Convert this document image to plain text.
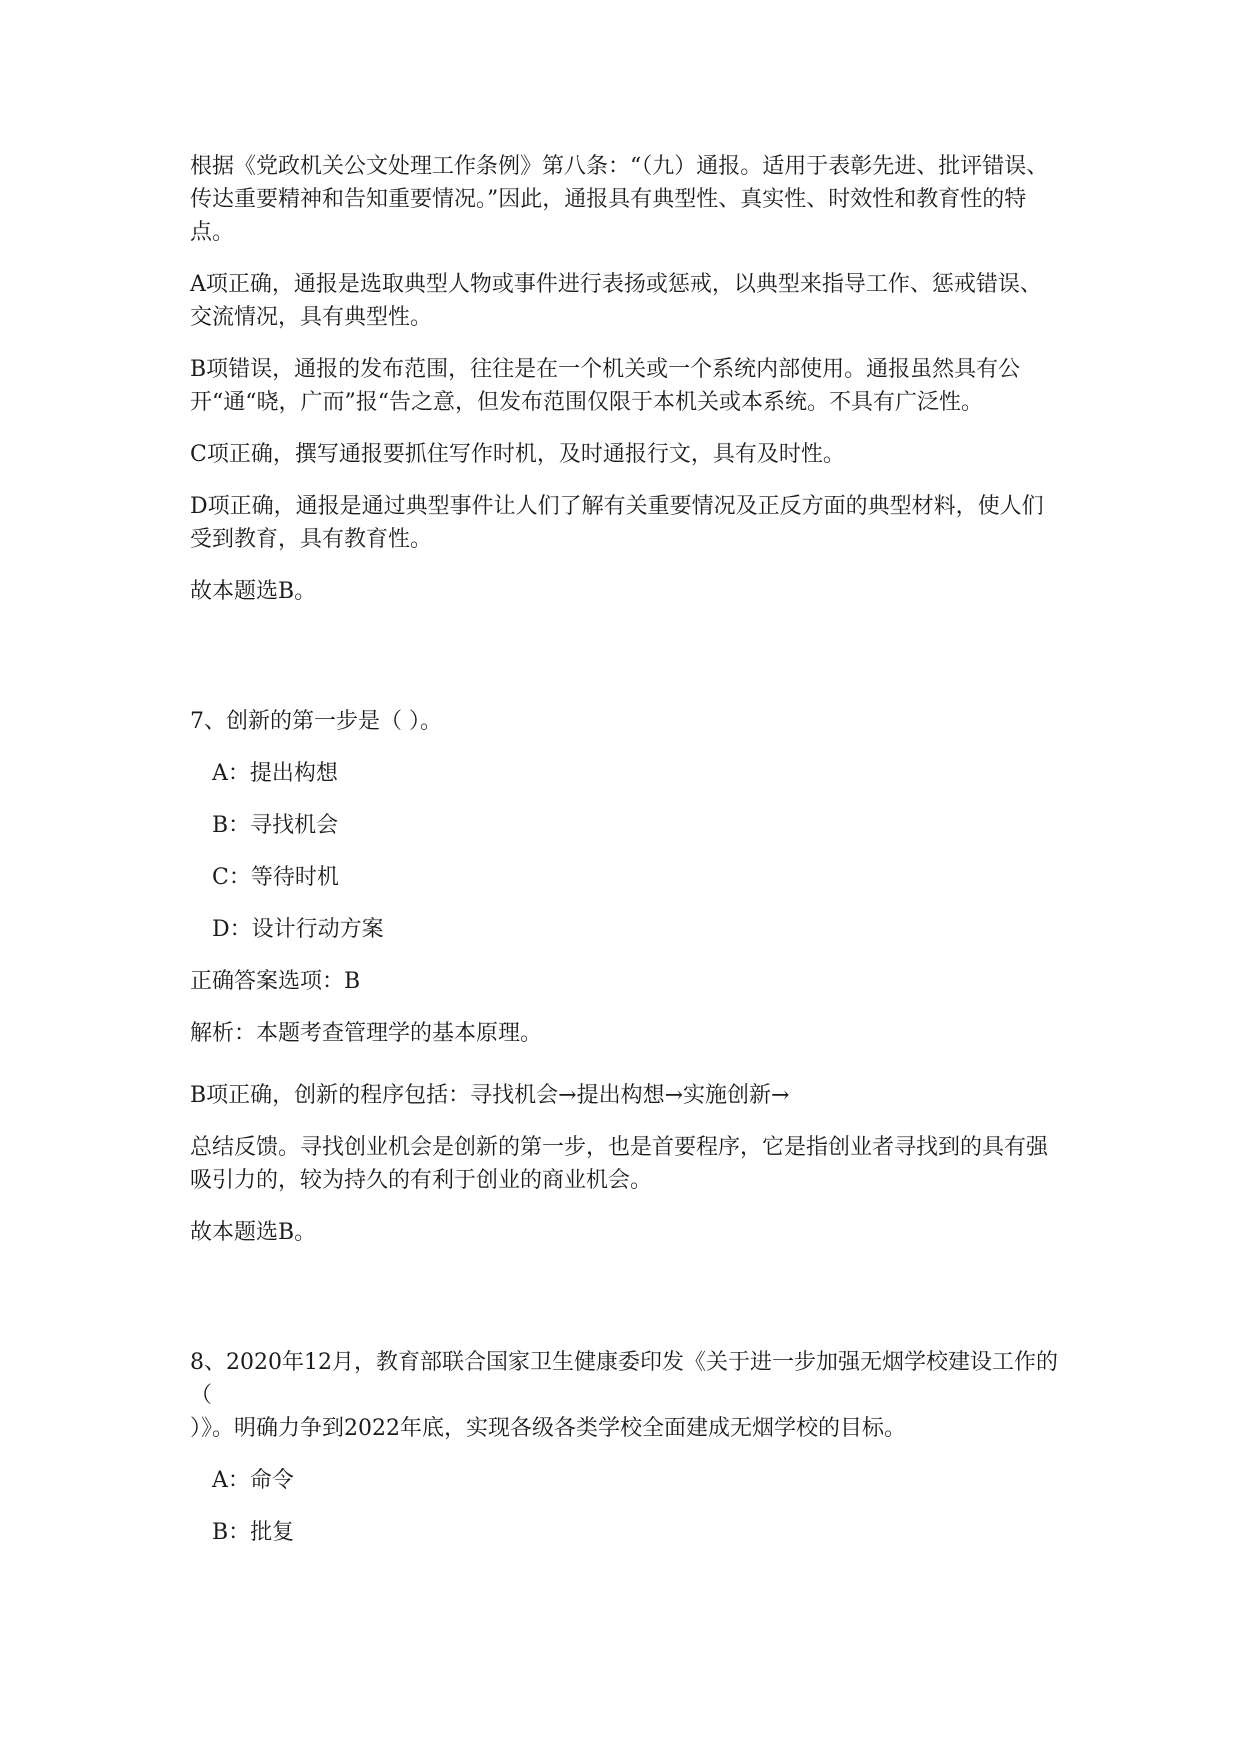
根据《党政机关公文处理工作条例》第八条：“（九）通报。适用于表彰先进、批评错误、传达重要精神和告知重要情况。”因此，通报具有典型性、真实性、时效性和教育性的特点。

A项正确，通报是选取典型人物或事件进行表扬或惩戒，以典型来指导工作、惩戒错误、交流情况，具有典型性。

B项错误，通报的发布范围，往往是在一个机关或一个系统内部使用。通报虽然具有公开“通“晓，广而”报“告之意，但发布范围仅限于本机关或本系统。不具有广泛性。

C项正确，撰写通报要抓住写作时机，及时通报行文，具有及时性。

D项正确，通报是通过典型事件让人们了解有关重要情况及正反方面的典型材料，使人们受到教育，具有教育性。

故本题选B。

7、创新的第一步是（ ）。

A：提出构想

B：寻找机会

C：等待时机

D：设计行动方案

正确答案选项：B

解析：本题考查管理学的基本原理。

B项正确，创新的程序包括：寻找机会→提出构想→实施创新→

总结反馈。寻找创业机会是创新的第一步，也是首要程序，它是指创业者寻找到的具有强吸引力的，较为持久的有利于创业的商业机会。

故本题选B。

8、2020年12月，教育部联合国家卫生健康委印发《关于进一步加强无烟学校建设工作的（
）》。明确力争到2022年底，实现各级各类学校全面建成无烟学校的目标。

A：命令

B：批复
